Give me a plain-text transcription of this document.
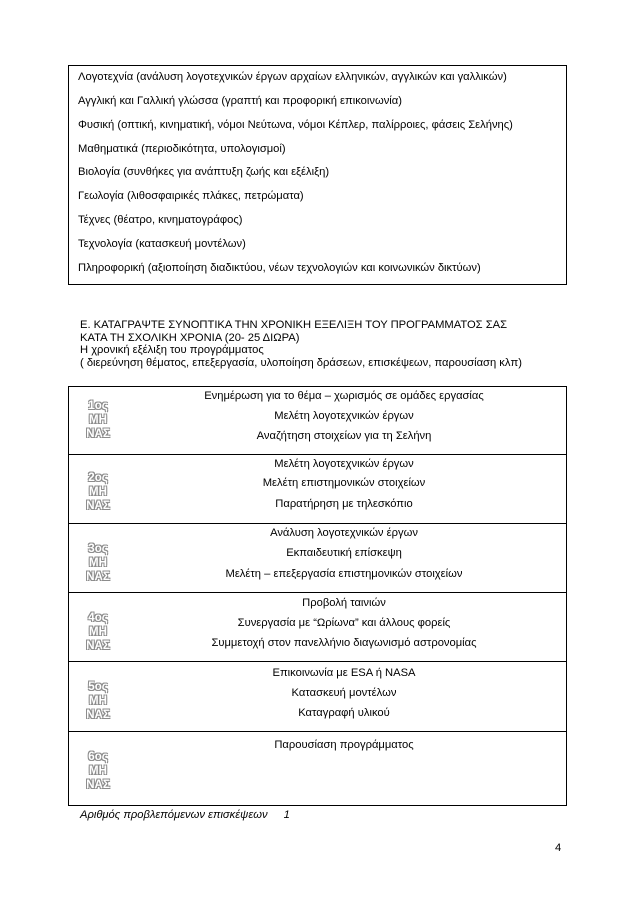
Λογοτεχνία (ανάλυση λογοτεχνικών έργων αρχαίων ελληνικών, αγγλικών και γαλλικών)
Αγγλική και Γαλλική γλώσσα (γραπτή και προφορική επικοινωνία)
Φυσική (οπτική, κινηματική, νόμοι Νεύτωνα, νόμοι Κέπλερ, παλίρροιες, φάσεις Σελήνης)
Μαθηματικά (περιοδικότητα, υπολογισμοί)
Βιολογία (συνθήκες για ανάπτυξη ζωής και εξέλιξη)
Γεωλογία (λιθοσφαιρικές πλάκες, πετρώματα)
Τέχνες (θέατρο, κινηματογράφος)
Τεχνολογία (κατασκευή μοντέλων)
Πληροφορική (αξιοποίηση διαδικτύου, νέων τεχνολογιών και κοινωνικών δικτύων)
Ε. ΚΑΤΑΓΡΑΨΤΕ ΣΥΝΟΠΤΙΚΑ ΤΗΝ ΧΡΟΝΙΚΗ ΕΞΕΛΙΞΗ ΤΟΥ ΠΡΟΓΡΑΜΜΑΤΟΣ ΣΑΣ
ΚΑΤΑ ΤΗ ΣΧΟΛΙΚΗ ΧΡΟΝΙΑ (20- 25 ΔΙΩΡΑ)
Η χρονική εξέλιξη του προγράμματος
( διερεύνηση θέματος, επεξεργασία, υλοποίηση δράσεων, επισκέψεων, παρουσίαση κλπ)
1ος
ΜΗ
ΝΑΣ
Ενημέρωση για το θέμα – χωρισμός σε ομάδες εργασίας
Μελέτη λογοτεχνικών έργων
Αναζήτηση στοιχείων για τη Σελήνη
2ος
ΜΗ
ΝΑΣ
Μελέτη λογοτεχνικών έργων
Μελέτη επιστημονικών στοιχείων
Παρατήρηση με τηλεσκόπιο
3ος
ΜΗ
ΝΑΣ
Ανάλυση λογοτεχνικών έργων
Εκπαιδευτική επίσκεψη
Μελέτη – επεξεργασία επιστημονικών στοιχείων
4ος
ΜΗ
ΝΑΣ
Προβολή ταινιών
Συνεργασία με “Ωρίωνα” και άλλους φορείς
Συμμετοχή στον πανελλήνιο διαγωνισμό αστρονομίας
5ος
ΜΗ
ΝΑΣ
Επικοινωνία με ESA ή NASA
Κατασκευή μοντέλων
Καταγραφή υλικού
6ος
ΜΗ
ΝΑΣ
Παρουσίαση προγράμματος
Αριθμός προβλεπόμενων επισκέψεων 1
4
